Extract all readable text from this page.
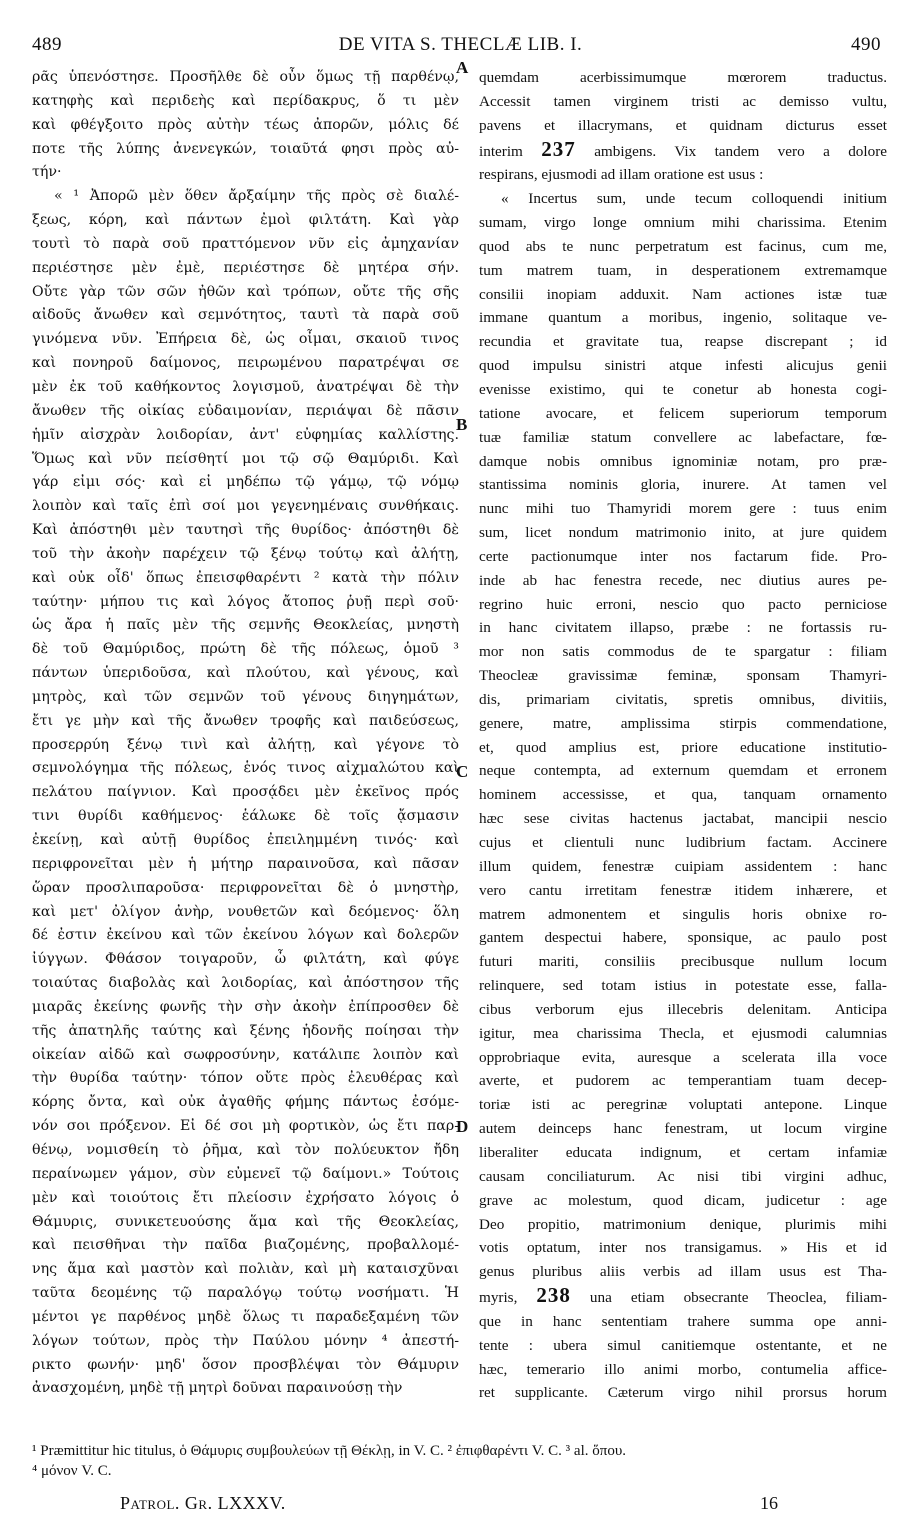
489	DE VITA S. THECLÆ LIB. I.	490
ρᾶς ὑπενόστησε. Προσῆλθε δὲ οὖν ὅμως τῇ παρθένῳ,
κατηφὴς καὶ περιδεὴς καὶ περίδακρυς, ὅ τι μὲν
καὶ φθέγξοιτο πρὸς αὐτὴν τέως ἀπορῶν, μόλις δέ
ποτε τῆς λύπης ἀνενεγκών, τοιαῦτά φησι πρὸς αὐ-
τήν·
« ¹ Ἀπορῶ μὲν ὅθεν ἄρξαίμην τῆς πρὸς σὲ διαλέ-
ξεως, κόρη, καὶ πάντων ἐμοὶ φιλτάτη. Καὶ γὰρ
τουτὶ τὸ παρὰ σοῦ πραττόμενον νῦν εἰς ἀμηχανίαν
περιέστησε μὲν ἐμὲ, περιέστησε δὲ μητέρα σήν.
Οὔτε γὰρ τῶν σῶν ἠθῶν καὶ τρόπων, οὔτε τῆς σῆς
αἰδοῦς ἄνωθεν καὶ σεμνότητος, ταυτὶ τὰ παρὰ σοῦ
γινόμενα νῦν. Ἐπήρεια δὲ, ὡς οἶμαι, σκαιοῦ τινος
καὶ πονηροῦ δαίμονος, πειρωμένου παρατρέψαι σε
μὲν ἐκ τοῦ καθήκοντος λογισμοῦ, ἀνατρέψαι δὲ τὴν
ἄνωθεν τῆς οἰκίας εὐδαιμονίαν, περιάψαι δὲ πᾶσιν
ἡμῖν αἰσχρὰν λοιδορίαν, ἀντ' εὐφημίας καλλίστης.
Ὅμως καὶ νῦν πείσθητί μοι τῷ σῷ Θαμύριδι. Καὶ
γάρ εἰμι σός· καὶ εἰ μηδέπω τῷ γάμῳ, τῷ νόμῳ
λοιπὸν καὶ ταῖς ἐπὶ σοί μοι γεγενημέναις συνθήκαις.
Καὶ ἀπόστηθι μὲν ταυτησὶ τῆς θυρίδος· ἀπόστηθι δὲ
τοῦ τὴν ἀκοὴν παρέχειν τῷ ξένῳ τούτῳ καὶ ἀλήτῃ,
καὶ οὐκ οἶδ' ὅπως ἐπεισφθαρέντι ² κατὰ τὴν πόλιν
ταύτην· μήπου τις καὶ λόγος ἄτοπος ῥυῇ περὶ σοῦ·
ὡς ἄρα ἡ παῖς μὲν τῆς σεμνῆς Θεοκλείας, μνηστὴ
δὲ τοῦ Θαμύριδος, πρώτη δὲ τῆς πόλεως, ὁμοῦ ³
πάντων ὑπεριδοῦσα, καὶ πλούτου, καὶ γένους, καὶ
μητρὸς, καὶ τῶν σεμνῶν τοῦ γένους διηγημάτων,
ἔτι γε μὴν καὶ τῆς ἄνωθεν τροφῆς καὶ παιδεύσεως,
προσερρύη ξένῳ τινὶ καὶ ἀλήτῃ, καὶ γέγονε τὸ
σεμνολόγημα τῆς πόλεως, ἑνός τινος αἰχμαλώτου καὶ
πελάτου παίγνιον. Καὶ προσᾴδει μὲν ἐκεῖνος πρός
τινι θυρίδι καθήμενος· ἑάλωκε δὲ τοῖς ᾄσμασιν
ἐκείνῃ, καὶ αὐτῇ θυρίδος ἐπειλημμένη τινός· καὶ
περιφρονεῖται μὲν ἡ μήτηρ παραινοῦσα, καὶ πᾶσαν
ὥραν προσλιπαροῦσα· περιφρονεῖται δὲ ὁ μνηστὴρ,
καὶ μετ' ὀλίγον ἀνὴρ, νουθετῶν καὶ δεόμενος· ὅλη
δέ ἐστιν ἐκείνου καὶ τῶν ἐκείνου λόγων καὶ δολερῶν
ἰύγγων. Φθάσον τοιγαροῦν, ὦ φιλτάτη, καὶ φύγε
τοιαύτας διαβολὰς καὶ λοιδορίας, καὶ ἀπόστησον τῆς
μιαρᾶς ἐκείνης φωνῆς τὴν σὴν ἀκοὴν ἐπίπροσθεν δὲ
τῆς ἀπατηλῆς ταύτης καὶ ξένης ἡδονῆς ποίησαι τὴν
οἰκείαν αἰδῶ καὶ σωφροσύνην, κατάλιπε λοιπὸν καὶ
τὴν θυρίδα ταύτην· τόπον οὔτε πρὸς ἐλευθέρας καὶ
κόρης ὄντα, καὶ οὐκ ἀγαθῆς φήμης πάντως ἐσόμε-
νόν σοι πρόξενον. Εἰ δέ σοι μὴ φορτικὸν, ὡς ἔτι παρ-
θένῳ, νομισθείη τὸ ῥῆμα, καὶ τὸν πολύευκτον ἤδη
περαίνωμεν γάμον, σὺν εὐμενεῖ τῷ δαίμονι.» Τούτοις
μὲν καὶ τοιούτοις ἔτι πλείοσιν ἐχρήσατο λόγοις ὁ
Θάμυρις, συνικετευούσης ἅμα καὶ τῆς Θεοκλείας,
καὶ πεισθῆναι τὴν παῖδα βιαζομένης, προβαλλομέ-
νης ἅμα καὶ μαστὸν καὶ πολιὰν, καὶ μὴ καταισχῦναι
ταῦτα δεομένης τῷ παραλόγῳ τούτῳ νοσήματι. Ἡ
μέντοι γε παρθένος μηδὲ ὅλως τι παραδεξαμένη τῶν
λόγων τούτων, πρὸς τὴν Παύλου μόνην ⁴ ἀπεστή-
ρικτο φωνήν· μηδ' ὅσον προσβλέψαι τὸν Θάμυριν
ἀνασχομένη, μηδὲ τῇ μητρὶ δοῦναι παραινούσῃ τὴν
quemdam acerbissimumque mœrorem traductus.
Accessit tamen virginem tristi ac demisso vultu,
pavens et illacrymans, et quidnam dicturus esset
interim 237 ambigens. Vix tandem vero a dolore
respirans, ejusmodi ad illam oratione est usus :
« Incertus sum, unde tecum colloquendi initium
sumam, virgo longe omnium mihi charissima. Etenim
quod abs te nunc perpetratum est facinus, cum me,
tum matrem tuam, in desperationem extremamque
consilii inopiam adduxit. Nam actiones istæ tuæ
immane quantum a moribus, ingenio, solitaque ve-
recundia et gravitate tua, reapse discrepant ; id
quod impulsu sinistri atque infesti alicujus genii
evenisse existimo, qui te conetur ab honesta cogi-
tatione avocare, et felicem superiorum temporum
tuæ familiæ statum convellere ac labefactare, fœ-
damque nobis omnibus ignominiæ notam, pro præ-
stantissima nominis gloria, inurere. At tamen vel
nunc mihi tuo Thamyridi morem gere : tuus enim
sum, licet nondum matrimonio inito, at jure quidem
certe pactionumque inter nos factarum fide. Pro-
inde ab hac fenestra recede, nec diutius aures pe-
regrino huic erroni, nescio quo pacto perniciose
in hanc civitatem illapso, præbe : ne fortassis ru-
mor non satis commodus de te spargatur : filiam
Theocleæ gravissimæ feminæ, sponsam Thamyri-
dis, primariam civitatis, spretis omnibus, divitiis,
genere, matre, amplissima stirpis commendatione,
et, quod amplius est, priore educatione institutio-
neque contempta, ad externum quemdam et erronem
hominem accessisse, et qua, tanquam ornamento
hæc sese civitas hactenus jactabat, mancipii nescio
cujus et clientuli nunc ludibrium factam. Accinere
illum quidem, fenestræ cuipiam assidentem : hanc
vero cantu irretitam fenestræ itidem inhærere, et
matrem admonentem et singulis horis obnixe ro-
gantem despectui habere, sponsique, ac paulo post
futuri mariti, consiliis precibusque nullum locum
relinquere, sed totam istius in potestate esse, falla-
cibus verborum ejus illecebris delenitam. Anticipa
igitur, mea charissima Thecla, et ejusmodi calumnias
opprobriaque evita, auresque a scelerata illa voce
averte, et pudorem ac temperantiam tuam decep-
toriæ isti ac peregrinæ voluptati antepone. Linque
autem deinceps hanc fenestram, ut locum virgine
liberaliter educata indignum, et certam infamiæ
causam conciliaturum. Ac nisi tibi virgini adhuc,
grave ac molestum, quod dicam, judicetur : age
Deo propitio, matrimonium denique, plurimis mihi
votis optatum, inter nos transigamus. » His et id
genus pluribus aliis verbis ad illam usus est Tha-
myris, 238 una etiam obsecrante Theoclea, filiam-
que in hanc sententiam trahere summa ope anni-
tente : ubera simul canitiemque ostentante, et ne
hæc, temerario illo animi morbo, contumelia affice-
ret supplicante. Cæterum virgo nihil prorsus horum
A
B
C
D
¹ Præmittitur hic titulus, ὁ Θάμυρις συμβουλεύων τῇ Θέκλῃ, in V. C. ² ἐπιφθαρέντι V. C. ³ al. ὅπου.
⁴ μόνον V. C.
Patrol. Gr. LXXXV.	16
